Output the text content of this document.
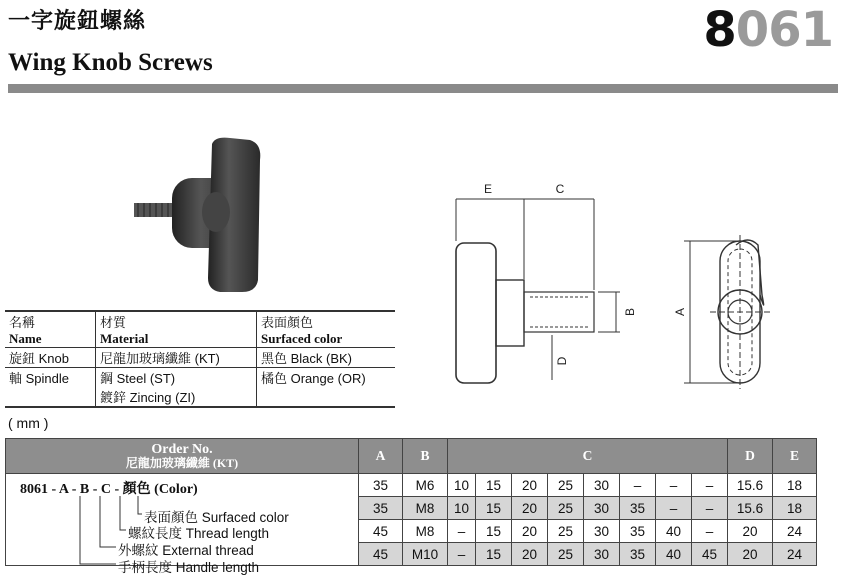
一字旋鈕螺絲
Wing Knob Screws
8061
E	C
B
D
A
名稱	材質	表面顏色
Name	Material	Surfaced color
旋鈕 Knob	尼龍加玻璃纖維 (KT)	黑色 Black (BK)
軸 Spindle	鋼 Steel (ST)	橘色 Orange (OR)
	鍍鋅 Zincing (ZI)	
( mm )
Order No.
尼龍加玻璃纖維 (KT)	A	B	C								D	E
	35	M6	10	15	20	25	30	–	–	–	15.6	18
	35	M8	10	15	20	25	30	35	–	–	15.6	18
	45	M8	–	15	20	25	30	35	40	–	20	24
	45	M10	–	15	20	25	30	35	40	45	20	24
8061 - A - B - C - 顏色 (Color)
表面顏色 Surfaced color
螺紋長度 Thread length
外螺紋 External thread
手柄長度 Handle length
